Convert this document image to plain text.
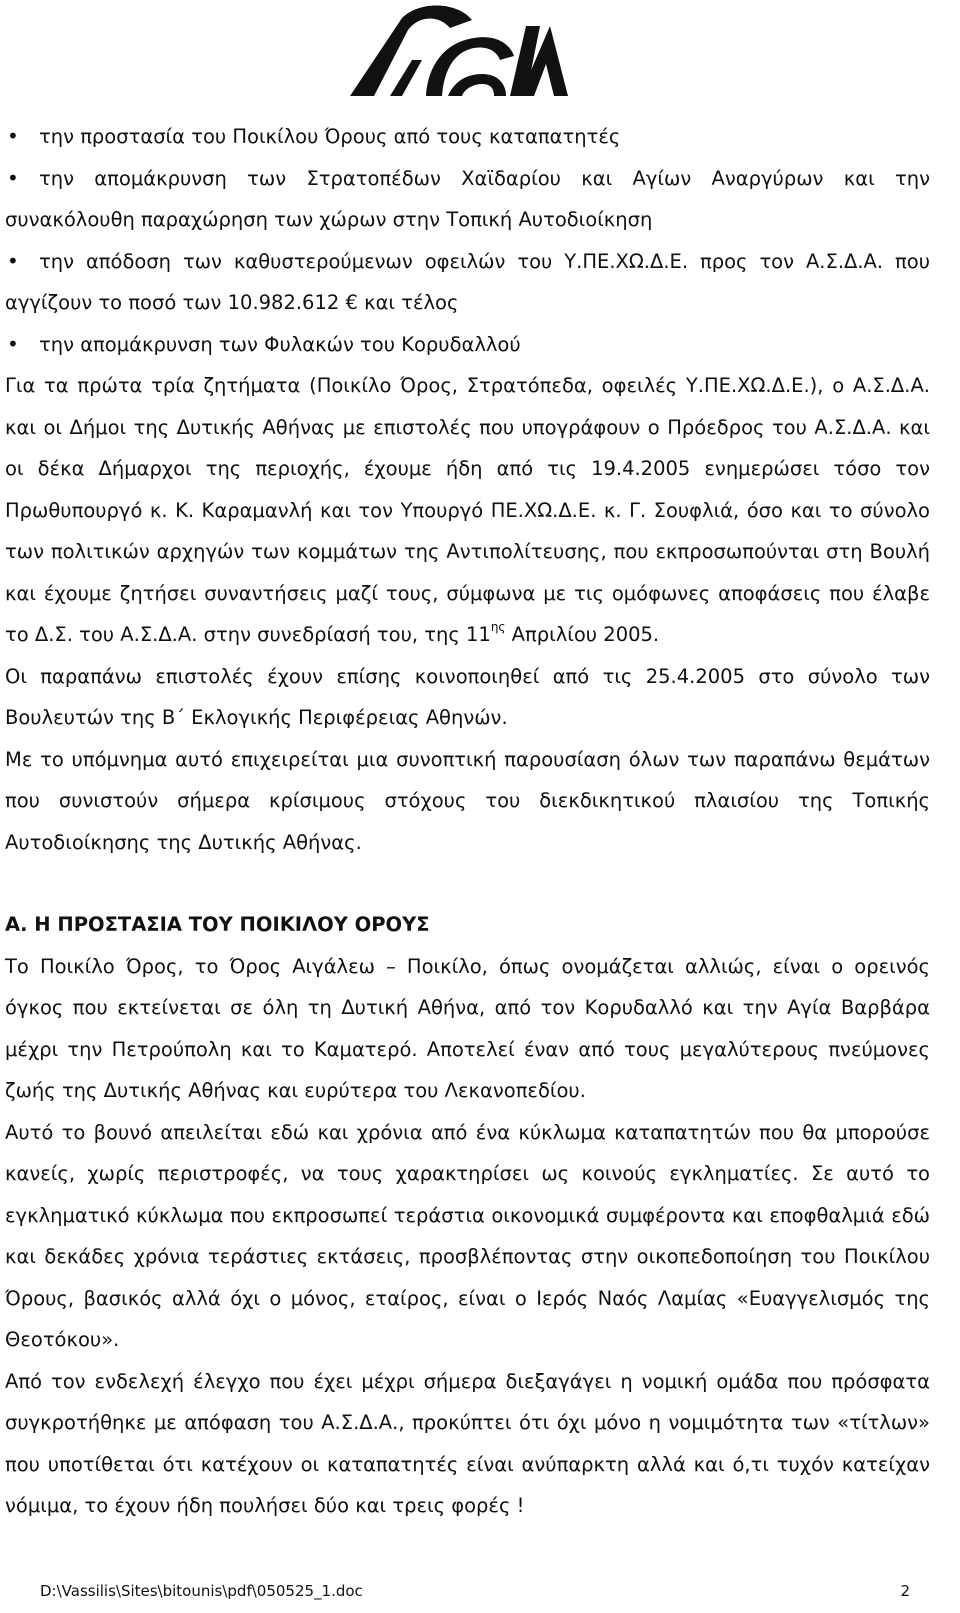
την προστασία του Ποικίλου Όρους από τους καταπατητές
την απομάκρυνση των Στρατοπέδων Χαϊδαρίου και Αγίων Αναργύρων και την συνακόλουθη παραχώρηση των χώρων στην Τοπική Αυτοδιοίκηση
την απόδοση των καθυστερούμενων οφειλών του Υ.ΠΕ.ΧΩ.Δ.Ε. προς τον Α.Σ.Δ.Α. που αγγίζουν το ποσό των 10.982.612 € και τέλος
την απομάκρυνση των Φυλακών του Κορυδαλλού

Για τα πρώτα τρία ζητήματα (Ποικίλο Όρος, Στρατόπεδα, οφειλές Υ.ΠΕ.ΧΩ.Δ.Ε.), ο Α.Σ.Δ.Α. και οι Δήμοι της Δυτικής Αθήνας με επιστολές που υπογράφουν ο Πρόεδρος του Α.Σ.Δ.Α. και οι δέκα Δήμαρχοι της περιοχής, έχουμε ήδη από τις 19.4.2005 ενημερώσει τόσο τον Πρωθυπουργό κ. Κ. Καραμανλή και τον Υπουργό ΠΕ.ΧΩ.Δ.Ε. κ. Γ. Σουφλιά, όσο και το σύνολο των πολιτικών αρχηγών των κομμάτων της Αντιπολίτευσης, που εκπροσωπούνται στη Βουλή και έχουμε ζητήσει συναντήσεις μαζί τους, σύμφωνα με τις ομόφωνες αποφάσεις που έλαβε το Δ.Σ. του Α.Σ.Δ.Α. στην συνεδρίασή του, της $11^{\eta\varsigma}$ Απριλίου 2005.

Οι παραπάνω επιστολές έχουν επίσης κοινοποιηθεί από τις 25.4.2005 στο σύνολο των Βουλευτών της Β΄ Εκλογικής Περιφέρειας Αθηνών.

Με το υπόμνημα αυτό επιχειρείται μια συνοπτική παρουσίαση όλων των παραπάνω θεμάτων που συνιστούν σήμερα κρίσιμους στόχους του διεκδικητικού πλαισίου της Τοπικής Αυτοδιοίκησης της Δυτικής Αθήνας.

Α. Η ΠΡΟΣΤΑΣΙΑ ΤΟΥ ΠΟΙΚΙΛΟΥ ΟΡΟΥΣ

Το Ποικίλο Όρος, το Όρος Αιγάλεω – Ποικίλο, όπως ονομάζεται αλλιώς, είναι ο ορεινός όγκος που εκτείνεται σε όλη τη Δυτική Αθήνα, από τον Κορυδαλλό και την Αγία Βαρβάρα μέχρι την Πετρούπολη και το Καματερό. Αποτελεί έναν από τους μεγαλύτερους πνεύμονες ζωής της Δυτικής Αθήνας και ευρύτερα του Λεκανοπεδίου.

Αυτό το βουνό απειλείται εδώ και χρόνια από ένα κύκλωμα καταπατητών που θα μπορούσε κανείς, χωρίς περιστροφές, να τους χαρακτηρίσει ως κοινούς εγκληματίες. Σε αυτό το εγκληματικό κύκλωμα που εκπροσωπεί τεράστια οικονομικά συμφέροντα και εποφθαλμιά εδώ και δεκάδες χρόνια τεράστιες εκτάσεις, προσβλέποντας στην οικοπεδοποίηση του Ποικίλου Όρους, βασικός αλλά όχι ο μόνος, εταίρος, είναι ο Ιερός Ναός Λαμίας «Ευαγγελισμός της Θεοτόκου».

Από τον ενδελεχή έλεγχο που έχει μέχρι σήμερα διεξαγάγει η νομική ομάδα που πρόσφατα συγκροτήθηκε με απόφαση του Α.Σ.Δ.Α., προκύπτει ότι όχι μόνο η νομιμότητα των «τίτλων» που υποτίθεται ότι κατέχουν οι καταπατητές είναι ανύπαρκτη αλλά και ό,τι τυχόν κατείχαν νόμιμα, το έχουν ήδη πουλήσει δύο και τρεις φορές !

D:\Vassilis\Sites\bitounis\pdf\050525_1.doc	2
